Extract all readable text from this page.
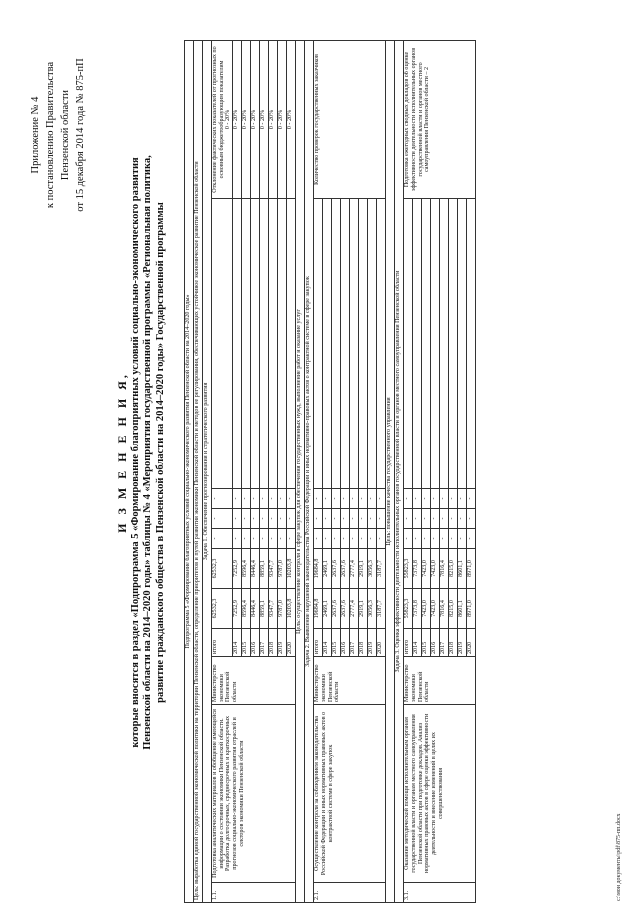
Приложение № 4 к постановлению Правительства Пензенской области от 15 декабря 2014 года № 875-пП
И З М Е Н Е Н И Я, которые вносятся в раздел «Подпрограмма 5 «Формирование благоприятных условий социально-экономического развития Пензенской области на 2014–2020 годы» таблицы № 4 «Мероприятия государственной программы «Региональная политика, развитие гражданского общества в Пензенской области на 2014–2020 годы» Государственной программы	Подпрограмма 5 «Формирование благоприятных условий социально-экономического развития Пензенской области на 2014–2020 годы»										
Цель: выработка единой государственной экономической политики на территории Пензенской области, определение приоритетов и путей развития экономики Пензенской области и методов ее регулирования, обеспечивающих устойчивое экономическое развитие Пензенской области										
Задача 1. Обеспечение прогнозирования и стратегического развития										
1.1.	Подготовка аналитических материалов и обобщение имеющейся информации о состоянии экономики Пензенской области. Разработка долгосрочных, среднесрочных и краткосрочных прогнозов социально-экономического развития отраслей и секторов экономики Пензенской области	Министерство экономики Пензенской области	итого	62532,3	62532,3	-	-	-		Отклонение фактических показателей от прогнозных по основным бюджетообразующим показателям 0 - 20%

			2014	7252,9	7252,9	-	-	-		0 - 20%
			2015	8596,4	8596,4	-	-	-		0 - 20%
			2016	8446,4	8446,4	-	-	-		0 - 20%
			2017	8859,1	8859,1	-	-	-		0 - 20%
			2018	9347,7	9347,7	-	-	-		0 - 20%
			2019	9787,0	9787,0	-	-	-		0 - 20%
			2020	10203,8	10203,8	-	-	-		0 - 20%
Цель: осуществление контроля в сфере закупок для обеспечения государственных нужд, выполнение работ и оказание услуг										
Задача 2. Выявление нарушений законодательства Российской Федерации и иных нормативно-правовых актов о контрактной системе в сфере закупок										
2.1.	Осуществление контроля за соблюдением законодательства Российской Федерации и иных нормативных правовых актов о контрактной системе в сфере закупок	Министерство экономики Пензенской области	итого	19684,8	19684,8	-	-	-		Количество проверок государственных заказчиков
			2014	2469,1	2469,1	-	-	-		
			2015	2637,6	2637,6	-	-	-		
			2016	2637,6	2637,6	-	-	-		
			2017	2777,4	2777,4	-	-	-		
			2018	2919,1	2919,1	-	-	-		
			2019	3056,3	3056,3	-	-	-		
			2020	3187,7	3187,7	-	-	-		
Цель: повышение качества государственного управления										
Задача 3. Оценка эффективности деятельности исполнительных органов государственной власти и органов местного самоуправления Пензенской области										
3.1.	Оказание методической помощи исполнительным органам государственной власти и органам местного самоуправления Пензенской области при подготовке докладов. Анализ нормативных правовых актов в сфере оценки эффективности деятельности и внесение изменений в целях их совершенствования	Министерство экономики Пензенской области	итого	55823,3	55823,3	-	-	-		Подготовка ежегодных сводных докладов об оценке эффективности деятельности исполнительных органов государственной власти и органов местного самоуправления Пензенской области – 2
			2014	7373,8	7373,8	-	-	-		
			2015	7423,0	7423,0	-	-	-		
			2016	7423,0	7423,0	-	-	-		
			2017	7816,4	7816,4	-	-	-		
			2018	8215,0	8215,0	-	-	-		
			2019	8601,1	8601,1	-	-	-		
			2020	8971,0	8971,0	-	-	-		
c:\мои документы\pdf\875-пп.docx
